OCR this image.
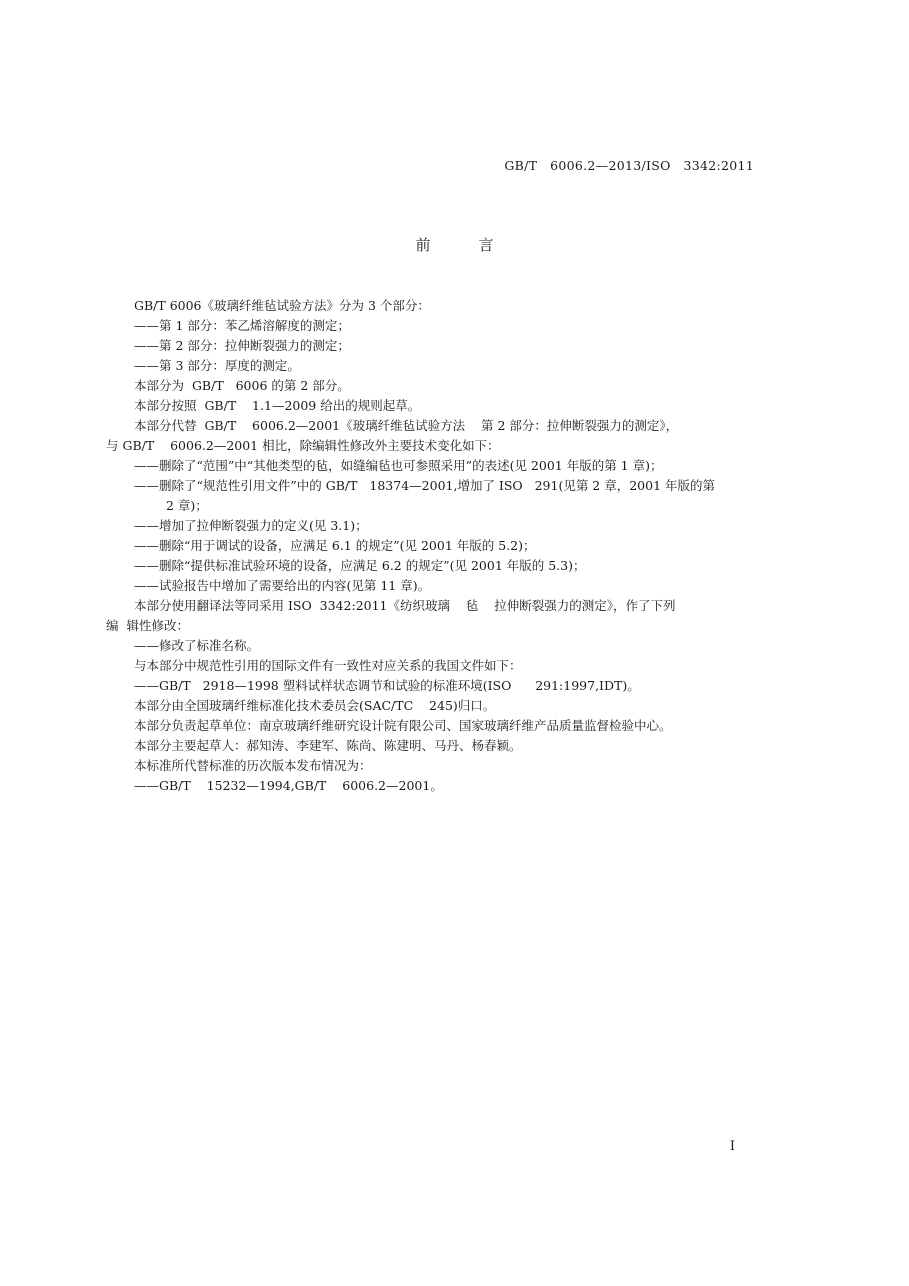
GB/T   6006.2—2013/ISO   3342:2011
前言

GB/T 6006《玻璃纤维毡试验方法》分为 3 个部分：

——第 1 部分：苯乙烯溶解度的测定；

——第 2 部分：拉伸断裂强力的测定；

——第 3 部分：厚度的测定。

本部分为  GB/T   6006 的第 2 部分。

本部分按照  GB/T    1.1—2009 给出的规则起草。

本部分代替  GB/T    6006.2—2001《玻璃纤维毡试验方法    第 2 部分：拉伸断裂强力的测定》，

与 GB/T    6006.2—2001 相比，除编辑性修改外主要技术变化如下：

——删除了“范围”中“其他类型的毡，如缝编毡也可参照采用”的表述(见 2001 年版的第 1 章)；

——删除了“规范性引用文件”中的 GB/T   18374—2001,增加了 ISO   291(见第 2 章，2001 年版的第

2 章)；

——增加了拉伸断裂强力的定义(见 3.1)；

——删除“用于调试的设备，应满足 6.1 的规定”(见 2001 年版的 5.2)；

——删除“提供标准试验环境的设备，应满足 6.2 的规定”(见 2001 年版的 5.3)；

——试验报告中增加了需要给出的内容(见第 11 章)。

本部分使用翻译法等同采用 ISO  3342:2011《纺织玻璃    毡    拉伸断裂强力的测定》，作了下列

编  辑性修改：

——修改了标准名称。

与本部分中规范性引用的国际文件有一致性对应关系的我国文件如下：

——GB/T   2918—1998 塑料试样状态调节和试验的标准环境(ISO      291:1997,IDT)。

本部分由全国玻璃纤维标准化技术委员会(SAC/TC    245)归口。

本部分负责起草单位：南京玻璃纤维研究设计院有限公司、国家玻璃纤维产品质量监督检验中心。

本部分主要起草人：郝知涛、李建军、陈尚、陈建明、马丹、杨春颖。

本标准所代替标准的历次版本发布情况为：

——GB/T    15232—1994,GB/T    6006.2—2001。

I
